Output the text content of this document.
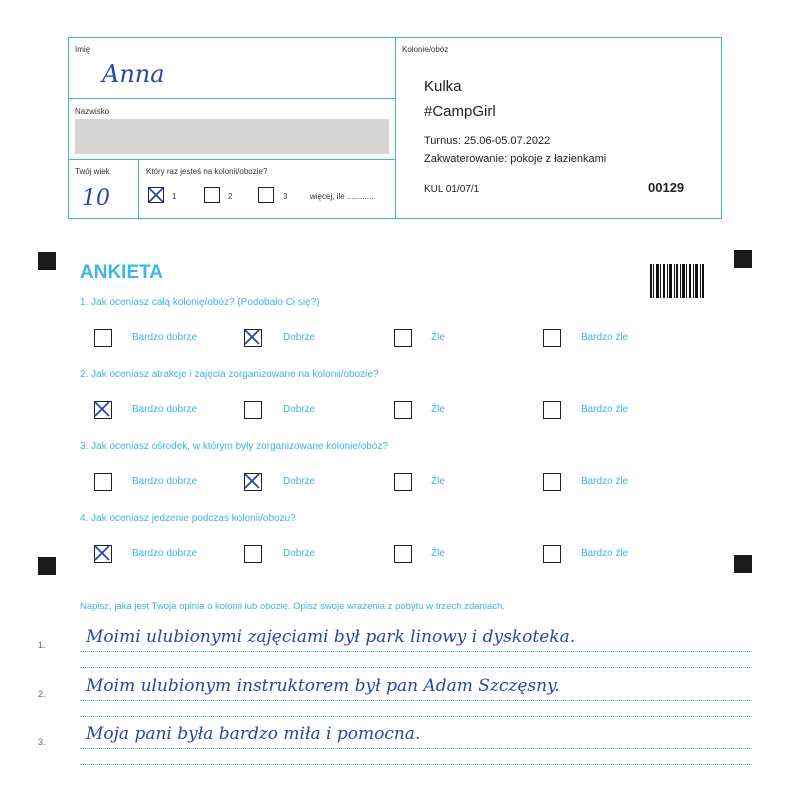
Imię
Anna
Nazwisko
Twój wiek
10
Który raz jesteś na kolonii/obozie?
1	2	3	więcej, ile ............
Kolonie/obóz
Kulka
#CampGirl
Turnus: 25.06-05.07.2022
Zakwaterowanie: pokoje z łazienkami
KUL 01/07/1	00129
ANKIETA
1. Jak oceniasz całą kolonię/obóz? (Podobało Ci się?)
Bardzo dobrze	Dobrze	Źle	Bardzo źle
2. Jak oceniasz atrakcje i zajęcia zorganizowane na kolonii/obozie?
Bardzo dobrze	Dobrze	Źle	Bardzo źle
3. Jak oceniasz ośrodek, w którym były zorganizowane kolonie/obóz?
Bardzo dobrze	Dobrze	Źle	Bardzo źle
4. Jak oceniasz jedzenie podczas kolonii/obozu?
Bardzo dobrze	Dobrze	Źle	Bardzo źle
Napisz, jaka jest Twoja opinia o kolonii lub obozie. Opisz swoje wrażenia z pobytu w trzech zdaniach.
1. Moimi ulubionymi zajęciami był park linowy i dyskoteka.
2. Moim ulubionym instruktorem był pan Adam Szczęsny.
3. Moja pani była bardzo miła i pomocna.
